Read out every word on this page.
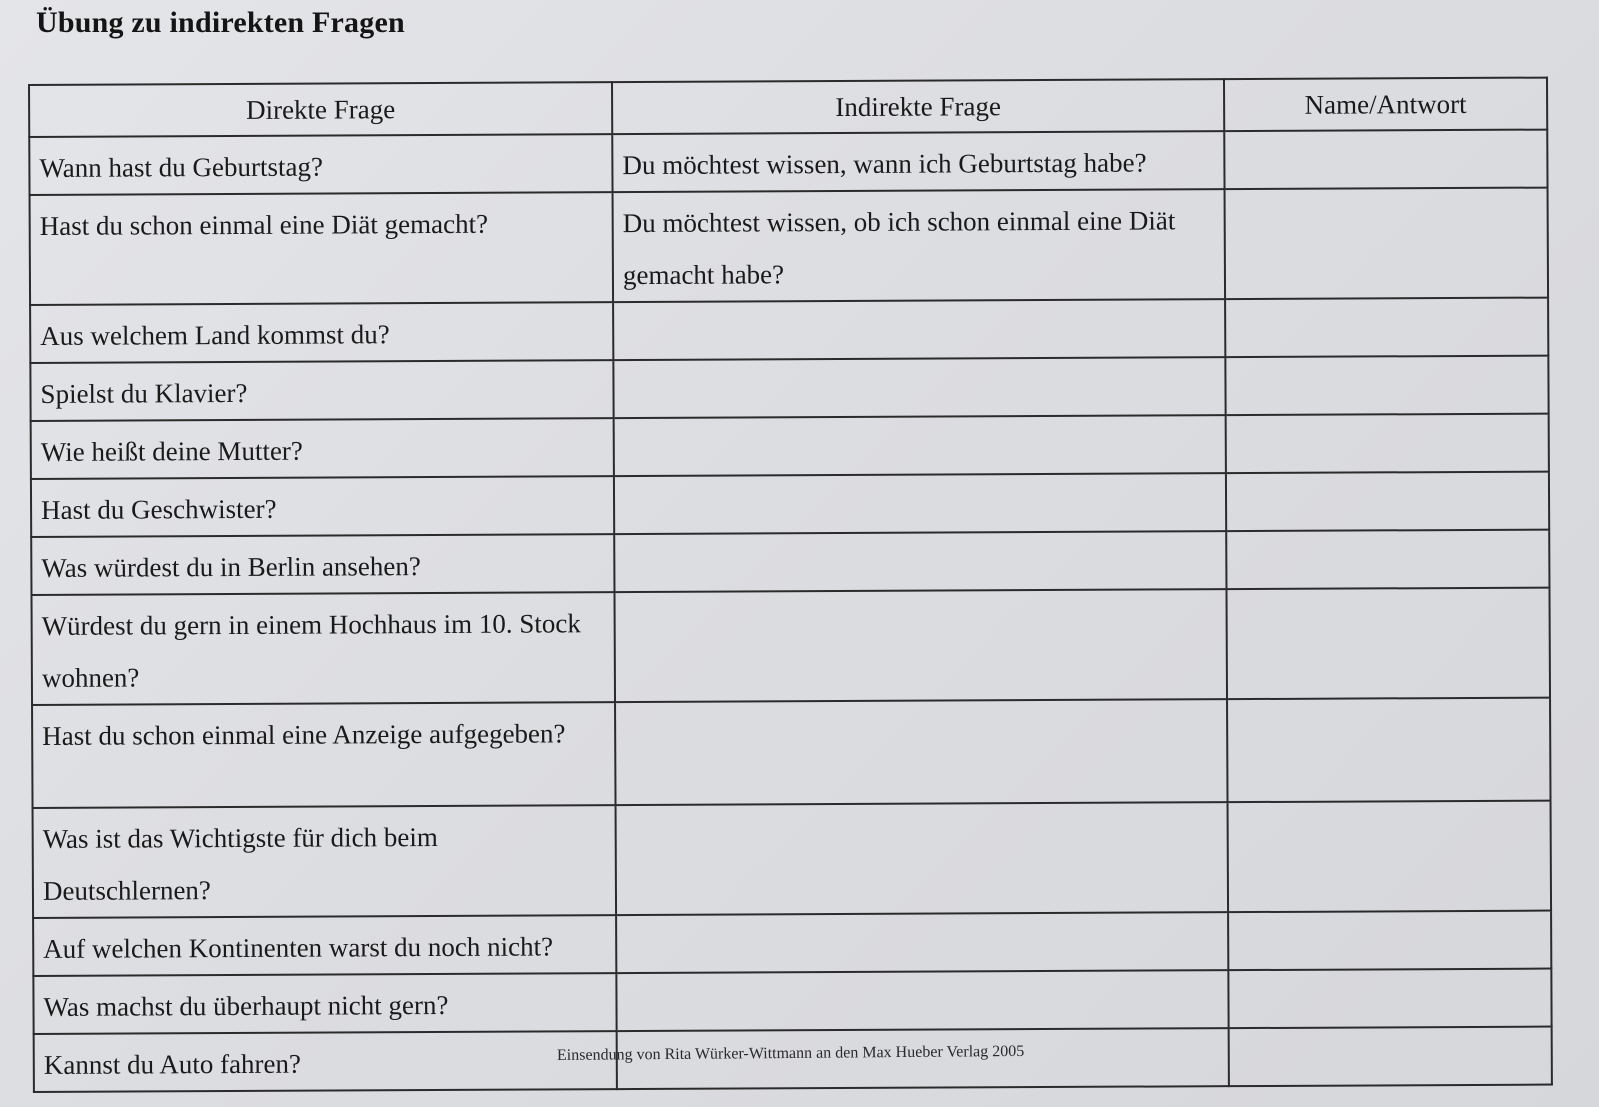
Übung zu indirekten Fragen
Direkte Frage	Indirekte Frage	Name/Antwort
Wann hast du Geburtstag?	Du möchtest wissen, wann ich Geburtstag habe?	
Hast du schon einmal eine Diät gemacht?	Du möchtest wissen, ob ich schon einmal eine Diät gemacht habe?	
Aus welchem Land kommst du?		
Spielst du Klavier?		
Wie heißt deine Mutter?		
Hast du Geschwister?		
Was würdest du in Berlin ansehen?		
Würdest du gern in einem Hochhaus im 10. Stock wohnen?		
Hast du schon einmal eine Anzeige aufgegeben?		
Was ist das Wichtigste für dich beim Deutschlernen?		
Auf welchen Kontinenten warst du noch nicht?		
Was machst du überhaupt nicht gern?		
Kannst du Auto fahren?			Einsendung von Rita Würker-Wittmann an den Max Hueber Verlag 2005
